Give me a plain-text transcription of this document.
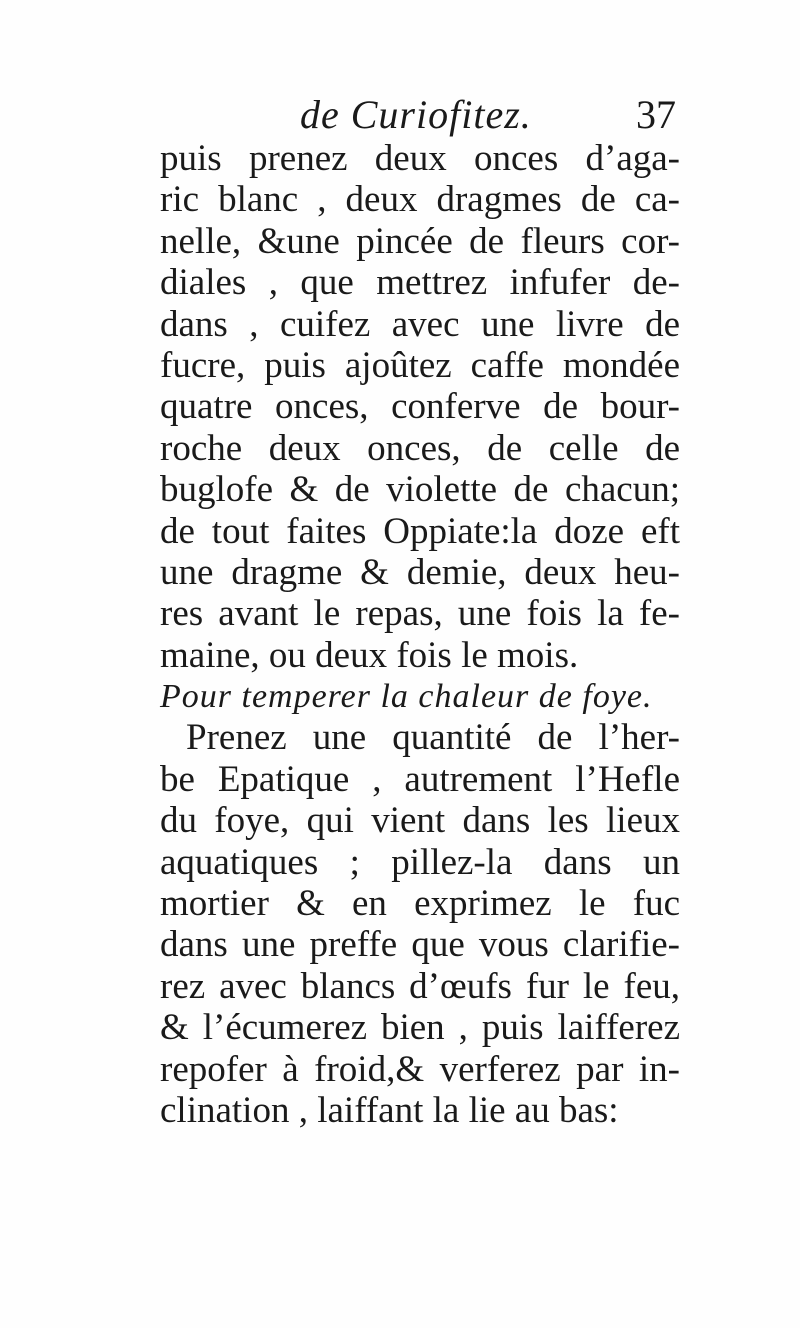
de Curiofitez.	37
puis prenez deux onces d’aga-
ric blanc , deux dragmes de ca-
nelle, &une pincée de fleurs cor-
diales , que mettrez infufer de-
dans , cuifez avec une livre de
fucre, puis ajoûtez caffe mondée
quatre onces, conferve de bour-
roche deux onces, de celle de
buglofe & de violette de chacun;
de tout faites Oppiate:la doze eft
une dragme & demie, deux heu-
res avant le repas, une fois la fe-
maine, ou deux fois le mois.
Pour temperer la chaleur de foye.
Prenez une quantité de l’her-
be Epatique , autrement l’Hefle
du foye, qui vient dans les lieux
aquatiques ; pillez-la dans un
mortier & en exprimez le fuc
dans une preffe que vous clarifie-
rez avec blancs d’œufs fur le feu,
& l’écumerez bien , puis laifferez
repofer à froid,& verferez par in-
clination , laiffant la lie au bas:
